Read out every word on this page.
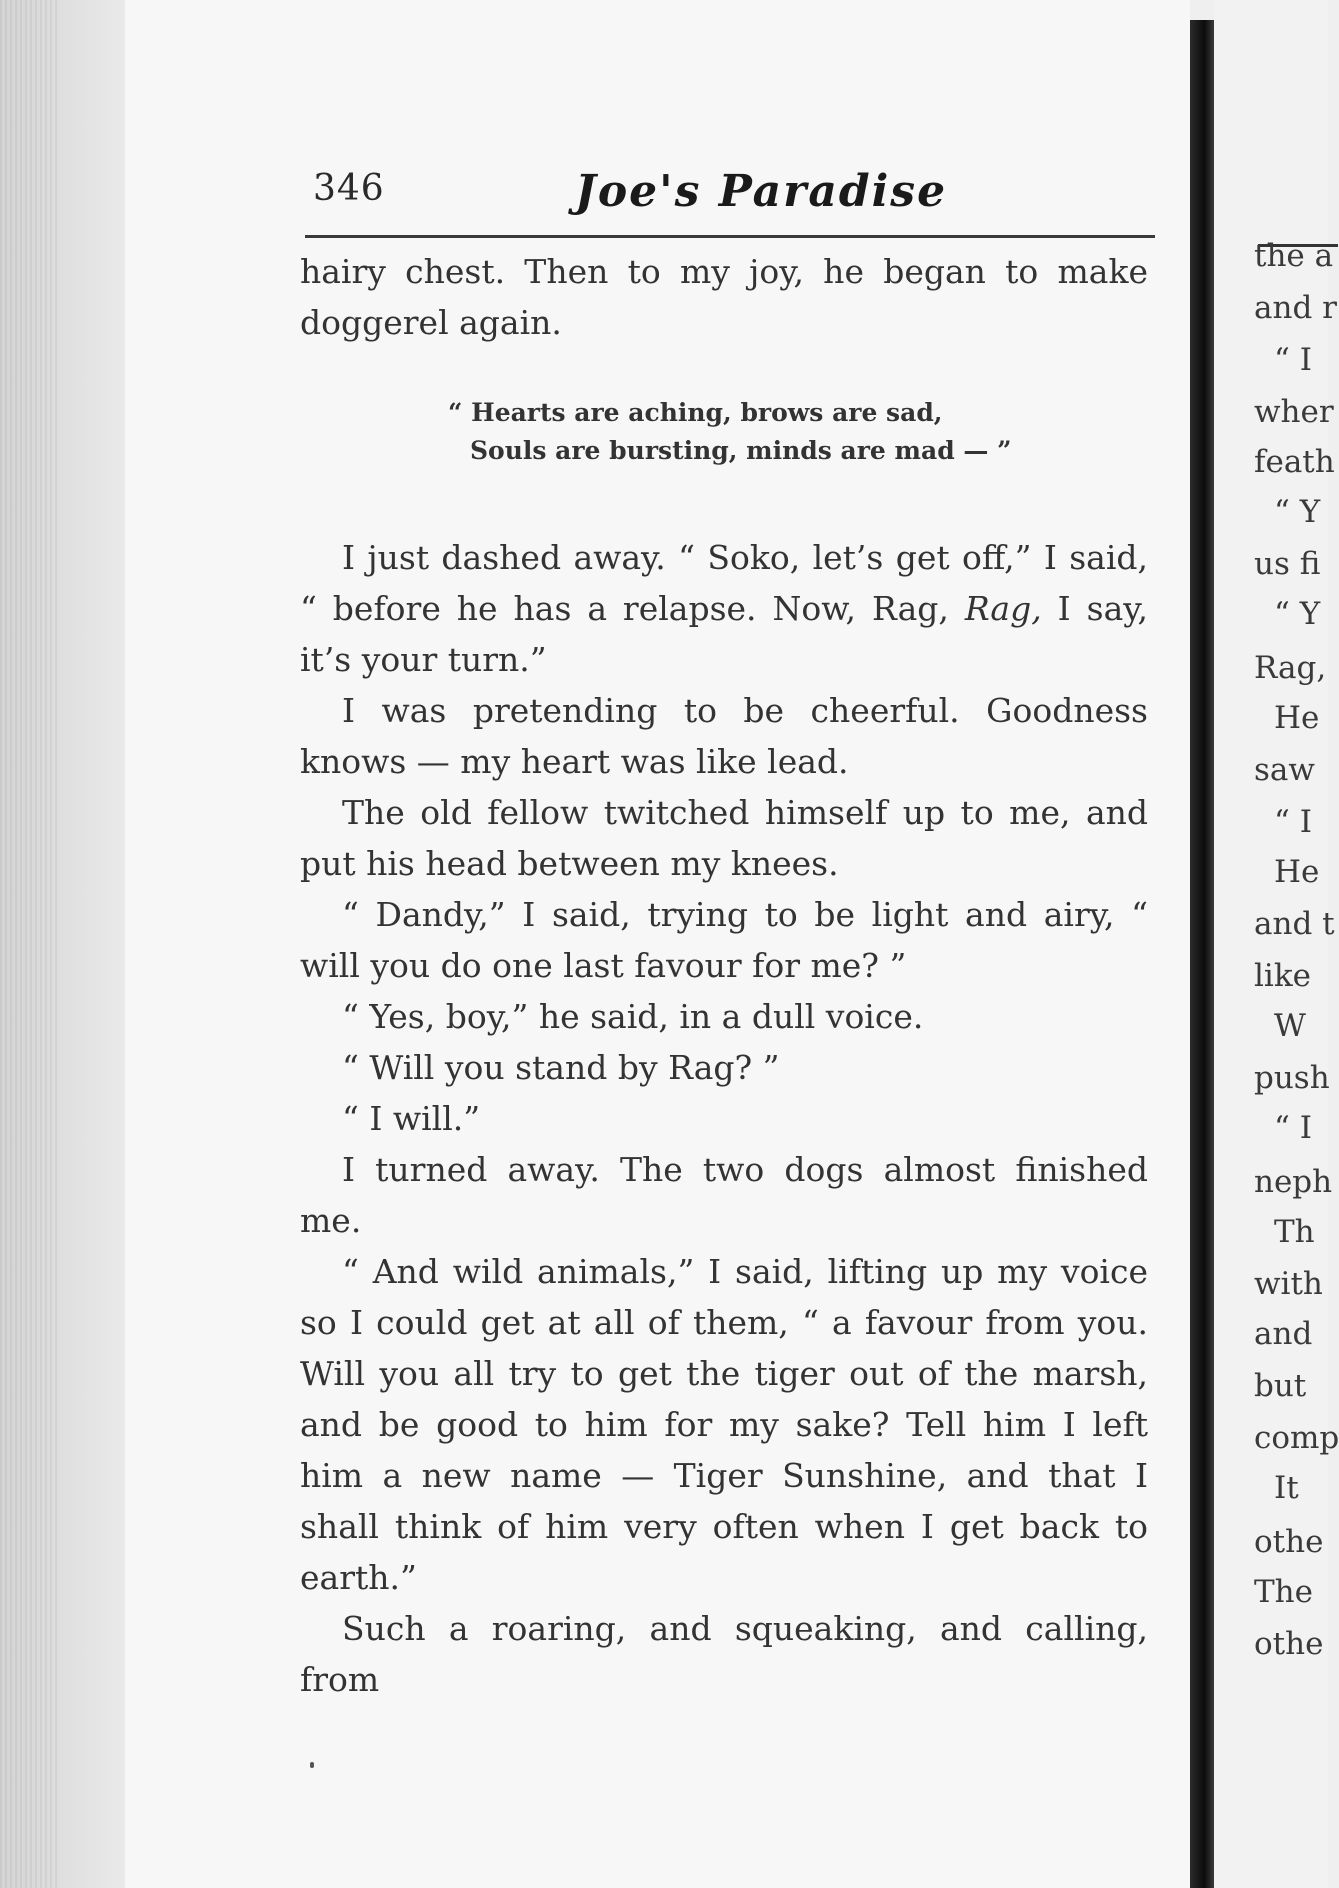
346	Joe's Paradise

hairy chest. Then to my joy, he began to make doggerel again.

“ Hearts are aching, brows are sad,
Souls are bursting, minds are mad — ”

I just dashed away. “ Soko, let’s get off,” I said, “ before he has a relapse. Now, Rag, Rag, I say, it’s your turn.”

I was pretending to be cheerful. Goodness knows — my heart was like lead.

The old fellow twitched himself up to me, and put his head between my knees.

“ Dandy,” I said, trying to be light and airy, “ will you do one last favour for me? ”

“ Yes, boy,” he said, in a dull voice.

“ Will you stand by Rag? ”

“ I will.”

I turned away. The two dogs almost finished me.

“ And wild animals,” I said, lifting up my voice so I could get at all of them, “ a favour from you. Will you all try to get the tiger out of the marsh, and be good to him for my sake? Tell him I left him a new name — Tiger Sunshine, and that I shall think of him very often when I get back to earth.”

Such a roaring, and squeaking, and calling, from

the a
and r
“ I
wher
feath
“ Y
us fi
“ Y
Rag,
He
saw
“ I
He
and t
like
W
push
“ I
neph
Th
with
and
but
comp
It
othe
The
othe
